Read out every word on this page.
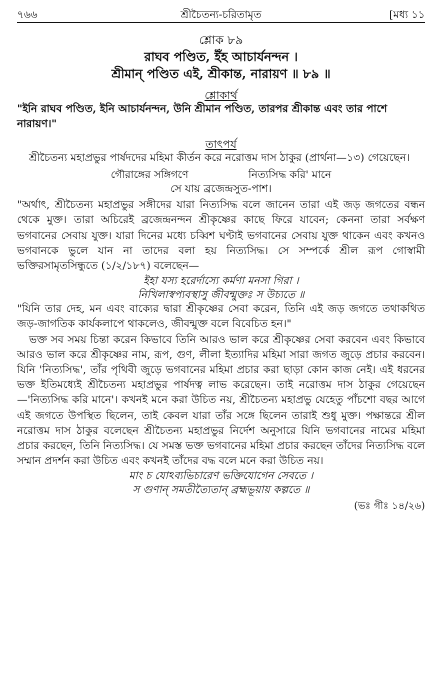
৭৬৬	শ্রীচৈতন্য-চরিতামৃত	[মধ্য ১১
শ্লোক ৮৯
রাঘব পণ্ডিত, ইঁহ আচার্যনন্দন ।
শ্রীমান্ পণ্ডিত এই, শ্রীকান্ত, নারায়ণ ॥ ৮৯ ॥
শ্লোকার্থ
"ইনি রাঘব পণ্ডিত, ইনি আচার্যনন্দন, উনি শ্রীমান পণ্ডিত, তারপর শ্রীকান্ত এবং তার পাশে নারায়ণ।"
তাৎপর্য
শ্রীচৈতন্য মহাপ্রভুর পার্ষদদের মহিমা কীর্তন করে নরোত্তম দাস ঠাকুর (প্রার্থনা—১৩) গেয়েছেন।
গৌরাঙ্গের সঙ্গিগণে	নিত্যসিদ্ধ করি' মানে
সে যায় ব্রজেন্দ্রসুত-পাশ।
"অর্থাৎ, শ্রীচৈতন্য মহাপ্রভুর সঙ্গীদের যারা নিত্যসিদ্ধ বলে জানেন তারা এই জড় জগতের বন্ধন থেকে মুক্ত। তারা অচিরেই ব্রজেন্দ্রনন্দন শ্রীকৃষ্ণের কাছে ফিরে যাবেন; কেননা তারা সর্বক্ষণ ভগবানের সেবায় যুক্ত। যারা দিনের মধ্যে চব্বিশ ঘণ্টাই ভগবানের সেবায় যুক্ত থাকেন এবং কখনও ভগবানকে ভুলে যান না তাদের বলা হয় নিত্যসিদ্ধ। সে সম্পর্কে শ্রীল রূপ গোস্বামী ভক্তিরসামৃতসিন্ধুতে (১/২/১৮৭) বলেছেন—
ইহা যস্য হরের্দাস্যে কর্মণা মনসা গিরা ।
নিখিলাস্বপ্যবস্থাসু জীবন্মুক্তঃ স উচ্যতে ॥
"যিনি তার দেহ, মন এবং বাক্যের দ্বারা শ্রীকৃষ্ণের সেবা করেন, তিনি এই জড় জগতে তথাকথিত জড়-জাগতিক কার্যকলাপে থাকলেও, জীবন্মুক্ত বলে বিবেচিত হন।"
ভক্ত সব সময় চিন্তা করেন কিভাবে তিনি আরও ভাল করে শ্রীকৃষ্ণের সেবা করবেন এবং কিভাবে আরও ভাল করে শ্রীকৃষ্ণের নাম, রূপ, গুণ, লীলা ইত্যাদির মহিমা সারা জগত জুড়ে প্রচার করবেন। যিনি 'নিত্যসিদ্ধ', তাঁর পৃথিবী জুড়ে ভগবানের মহিমা প্রচার করা ছাড়া কোন কাজ নেই। এই ধরনের ভক্ত ইতিমধ্যেই শ্রীচৈতন্য মহাপ্রভুর পার্ষদত্ব লাভ করেছেন। তাই নরোত্তম দাস ঠাকুর গেয়েছেন—'নিত্যসিদ্ধ করি মানে'। কখনই মনে করা উচিত নয়, শ্রীচৈতন্য মহাপ্রভু যেহেতু পাঁচশো বছর আগে এই জগতে উপস্থিত ছিলেন, তাই কেবল যারা তাঁর সঙ্গে ছিলেন তারাই শুধু মুক্ত। পক্ষান্তরে শ্রীল নরোত্তম দাস ঠাকুর বলেছেন শ্রীচৈতন্য মহাপ্রভুর নির্দেশ অনুসারে যিনি ভগবানের নামের মহিমা প্রচার করছেন, তিনি নিত্যসিদ্ধ। যে সমস্ত ভক্ত ভগবানের মহিমা প্রচার করছেন তাঁদের নিত্যসিদ্ধ বলে সম্মান প্রদর্শন করা উচিত এবং কখনই তাঁদের বদ্ধ বলে মনে করা উচিত নয়।
মাং চ যোঽব্যভিচারেণ ভক্তিযোগেন সেবতে ।
স গুণান্ সমতীত্যৈতান্ ব্রহ্মভূয়ায় কল্পতে ॥
(ভঃ গীঃ ১৪/২৬)
